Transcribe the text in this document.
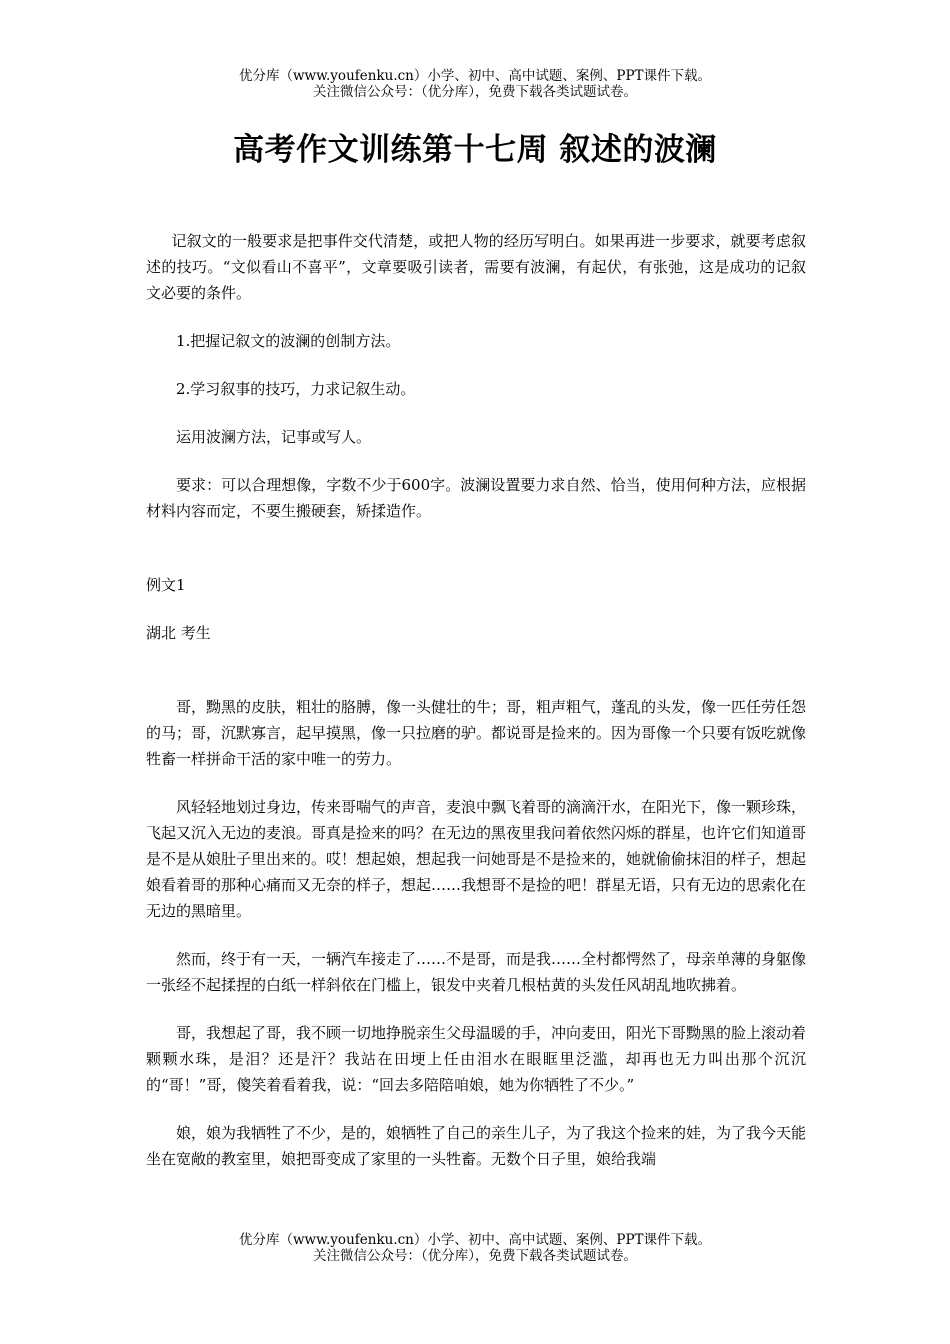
优分库（www.youfenku.cn）小学、初中、高中试题、案例、PPT课件下载。
关注微信公众号：（优分库），免费下载各类试题试卷。
高考作文训练第十七周 叙述的波澜

记叙文的一般要求是把事件交代清楚，或把人物的经历写明白。如果再进一步要求，就要考虑叙述的技巧。“文似看山不喜平”，文章要吸引读者，需要有波澜，有起伏，有张弛，这是成功的记叙文必要的条件。

1.把握记叙文的波澜的创制方法。

2.学习叙事的技巧，力求记叙生动。

运用波澜方法，记事或写人。

要求：可以合理想像，字数不少于600字。波澜设置要力求自然、恰当，使用何种方法，应根据材料内容而定，不要生搬硬套，矫揉造作。

例文1

湖北 考生

哥，黝黑的皮肤，粗壮的胳膊，像一头健壮的牛；哥，粗声粗气，蓬乱的头发，像一匹任劳任怨的马；哥，沉默寡言，起早摸黑，像一只拉磨的驴。都说哥是捡来的。因为哥像一个只要有饭吃就像牲畜一样拼命干活的家中唯一的劳力。

风轻轻地划过身边，传来哥喘气的声音，麦浪中飘飞着哥的滴滴汗水，在阳光下，像一颗珍珠，飞起又沉入无边的麦浪。哥真是捡来的吗？在无边的黑夜里我问着依然闪烁的群星，也许它们知道哥是不是从娘肚子里出来的。哎！想起娘，想起我一问她哥是不是捡来的，她就偷偷抹泪的样子，想起娘看着哥的那种心痛而又无奈的样子，想起……我想哥不是捡的吧！群星无语，只有无边的思索化在无边的黑暗里。

然而，终于有一天，一辆汽车接走了……不是哥，而是我……全村都愕然了，母亲单薄的身躯像一张经不起揉捏的白纸一样斜依在门槛上，银发中夹着几根枯黄的头发任风胡乱地吹拂着。

哥，我想起了哥，我不顾一切地挣脱亲生父母温暖的手，冲向麦田，阳光下哥黝黑的脸上滚动着颗颗水珠，是泪？还是汗？我站在田埂上任由泪水在眼眶里泛滥，却再也无力叫出那个沉沉的“哥！”哥，傻笑着看着我，说：“回去多陪陪咱娘，她为你牺牲了不少。”

娘，娘为我牺牲了不少，是的，娘牺牲了自己的亲生儿子，为了我这个捡来的娃，为了我今天能坐在宽敞的教室里，娘把哥变成了家里的一头牲畜。无数个日子里，娘给我端

优分库（www.youfenku.cn）小学、初中、高中试题、案例、PPT课件下载。
关注微信公众号：（优分库），免费下载各类试题试卷。
